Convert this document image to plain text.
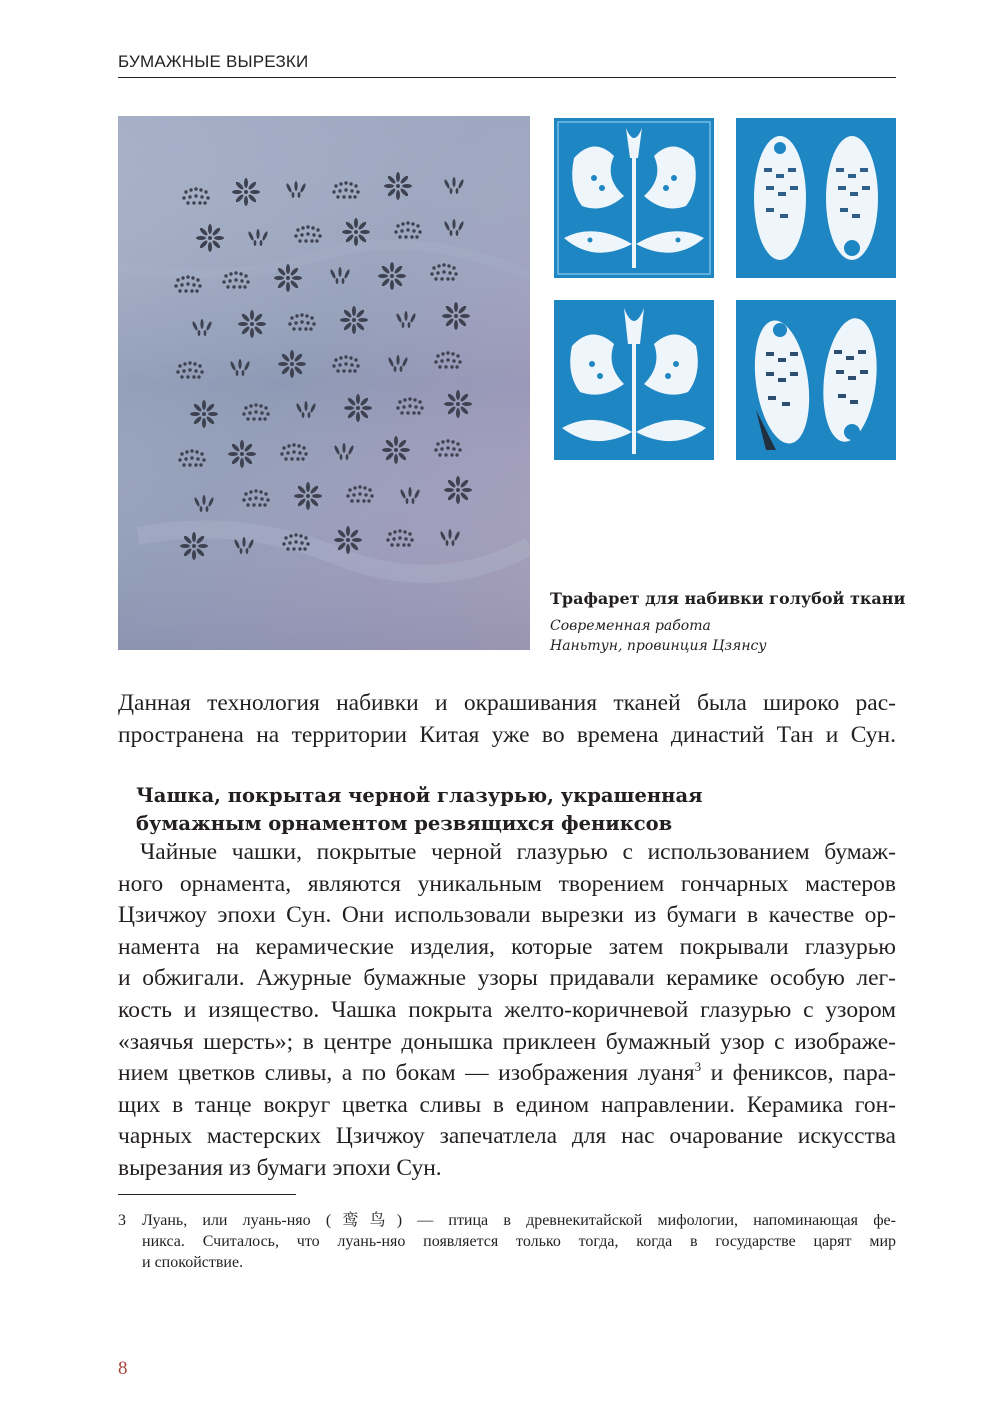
БУМАЖНЫЕ ВЫРЕЗКИ
Трафарет для набивки голубой ткани
Современная работа
Наньтун, провинция Цзянсу
Данная технология набивки и окрашивания тканей была широко рас-
пространена на территории Китая уже во времена династий Тан и Сун.
Чашка, покрытая черной глазурью, украшенная
бумажным орнаментом резвящихся фениксов
Чайные чашки, покрытые черной глазурью с использованием бумаж-
ного орнамента, являются уникальным творением гончарных мастеров
Цзичжоу эпохи Сун. Они использовали вырезки из бумаги в качестве ор-
намента на керамические изделия, которые затем покрывали глазурью
и обжигали. Ажурные бумажные узоры придавали керамике особую лег-
кость и изящество. Чашка покрыта желто-коричневой глазурью с узором
«заячья шерсть»; в центре донышка приклеен бумажный узор с изображе-
нием цветков сливы, а по бокам — изображения луаня$^3$ и фениксов, пара-
щих в танце вокруг цветка сливы в едином направлении. Керамика гон-
чарных мастерских Цзичжоу запечатлела для нас очарование искусства
вырезания из бумаги эпохи Сун.
3	Луань, или луань-няо (鸾鸟) — птица в древнекитайской мифологии, напоминающая фе-
никса. Считалось, что луань-няо появляется только тогда, когда в государстве царят мир
и спокойствие.
8
